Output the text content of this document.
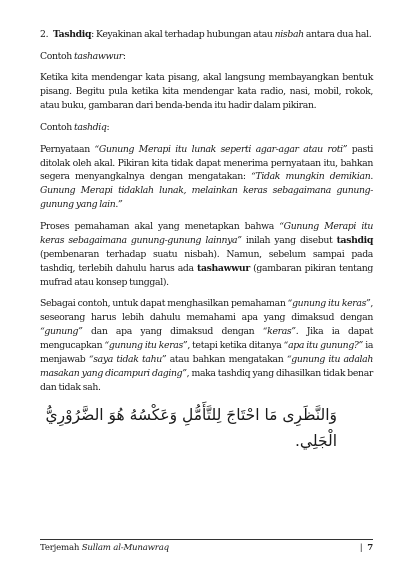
2. Tashdiq: Keyakinan akal terhadap hubungan atau nisbah antara dua hal.

Contoh tashawwur:

Ketika kita mendengar kata pisang, akal langsung membayangkan bentuk pisang. Begitu pula ketika kita mendengar kata radio, nasi, mobil, rokok, atau buku, gambaran dari benda-benda itu hadir dalam pikiran.

Contoh tashdiq:

Pernyataan “Gunung Merapi itu lunak seperti agar-agar atau roti” pasti ditolak oleh akal. Pikiran kita tidak dapat menerima pernyataan itu, bahkan segera menyangkalnya dengan mengatakan: “Tidak mungkin demikian. Gunung Merapi tidaklah lunak, melainkan keras sebagaimana gunung-gunung yang lain.”

Proses pemahaman akal yang menetapkan bahwa “Gunung Merapi itu keras sebagaimana gunung-gunung lainnya” inilah yang disebut tashdiq (pembenaran terhadap suatu nisbah). Namun, sebelum sampai pada tashdiq, terlebih dahulu harus ada tashawwur (gambaran pikiran tentang mufrad atau konsep tunggal).

Sebagai contoh, untuk dapat menghasilkan pemahaman “gunung itu keras”, seseorang harus lebih dahulu memahami apa yang dimaksud dengan “gunung” dan apa yang dimaksud dengan “keras”. Jika ia dapat mengucapkan “gunung itu keras”, tetapi ketika ditanya “apa itu gunung?” ia menjawab “saya tidak tahu” atau bahkan mengatakan “gunung itu adalah masakan yang dicampuri daging”, maka tashdiq yang dihasilkan tidak benar dan tidak sah.

وَالنَّظَرِى مَا احْتَاجَ لِلتَّأَمُّلِ وَعَكْسُهُ هُوَ الضَّرُوْرِيُّ الْجَلِي.

Terjemah Sullam al-Munawraq	| 7
